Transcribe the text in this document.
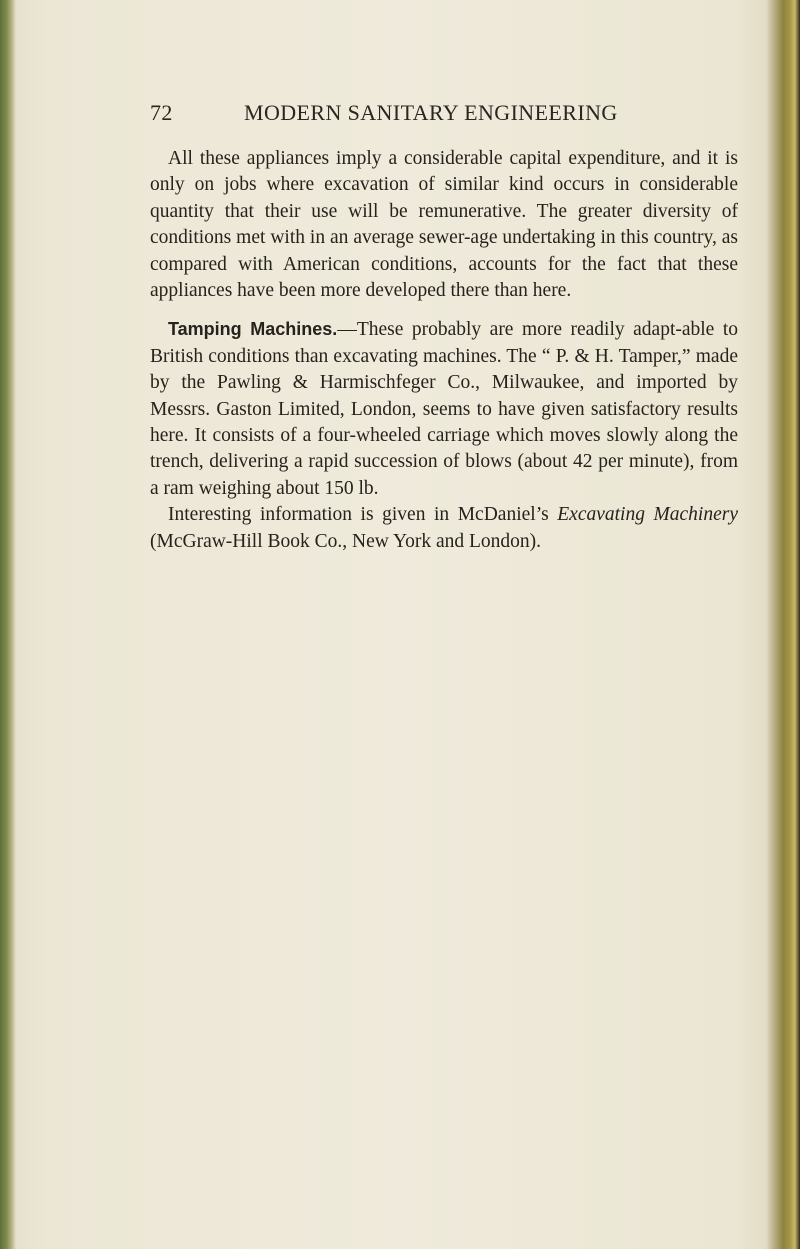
72	MODERN SANITARY ENGINEERING

All these appliances imply a considerable capital expenditure, and it is only on jobs where excavation of similar kind occurs in considerable quantity that their use will be remunerative. The greater diversity of conditions met with in an average sewer-age undertaking in this country, as compared with American conditions, accounts for the fact that these appliances have been more developed there than here.

Tamping Machines.—These probably are more readily adapt-able to British conditions than excavating machines. The “ P. & H. Tamper,” made by the Pawling & Harmischfeger Co., Milwaukee, and imported by Messrs. Gaston Limited, London, seems to have given satisfactory results here. It consists of a four-wheeled carriage which moves slowly along the trench, delivering a rapid succession of blows (about 42 per minute), from a ram weighing about 150 lb.

Interesting information is given in McDaniel’s Excavating Machinery (McGraw-Hill Book Co., New York and London).
